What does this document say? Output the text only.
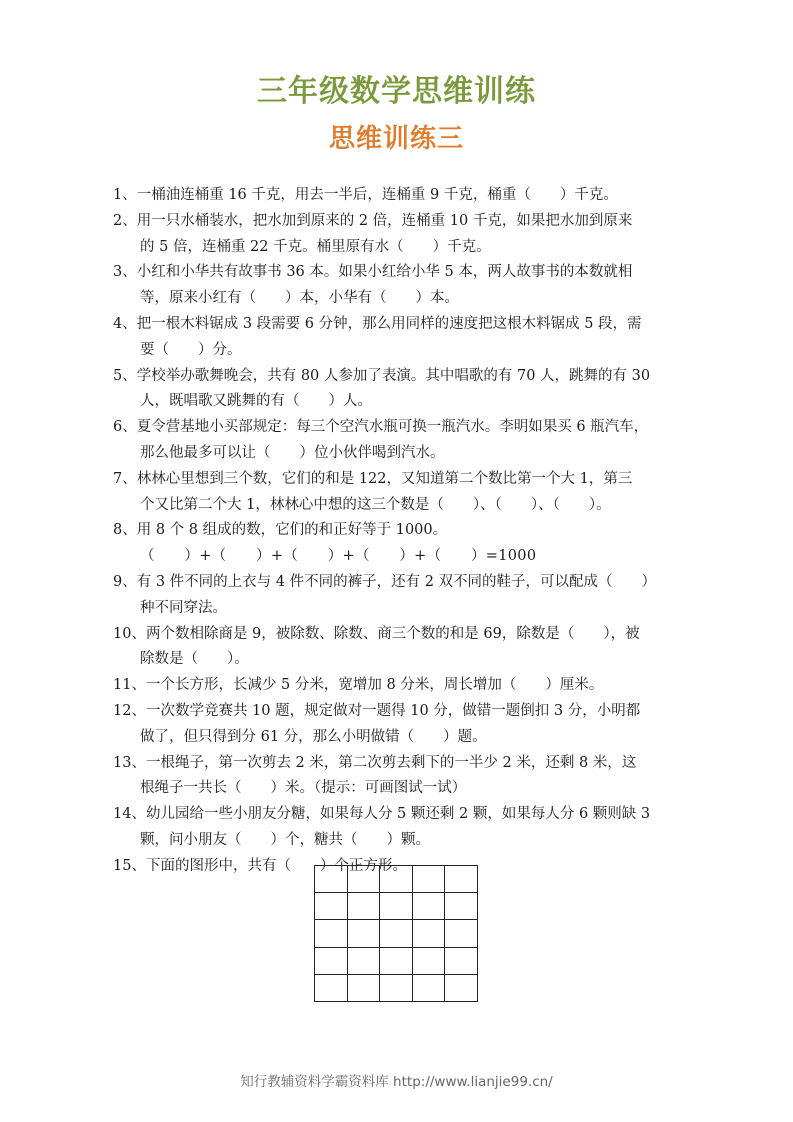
三年级数学思维训练
思维训练三
1、一桶油连桶重 16 千克，用去一半后，连桶重 9 千克，桶重（　　）千克。
2、用一只水桶装水，把水加到原来的 2 倍，连桶重 10 千克，如果把水加到原来
的 5 倍，连桶重 22 千克。桶里原有水（　　）千克。
3、小红和小华共有故事书 36 本。如果小红给小华 5 本，两人故事书的本数就相
等，原来小红有（　　）本，小华有（　　）本。
4、把一根木料锯成 3 段需要 6 分钟，那么用同样的速度把这根木料锯成 5 段，需
要（　　）分。
5、学校举办歌舞晚会，共有 80 人参加了表演。其中唱歌的有 70 人，跳舞的有 30
人，既唱歌又跳舞的有（　　）人。
6、夏令营基地小买部规定：每三个空汽水瓶可换一瓶汽水。李明如果买 6 瓶汽车，
那么他最多可以让（　　）位小伙伴喝到汽水。
7、林林心里想到三个数，它们的和是 122，又知道第二个数比第一个大 1，第三
个又比第二个大 1，林林心中想的这三个数是（　　）、（　　）、（　　）。
8、用 8 个 8 组成的数，它们的和正好等于 1000。
（　　）+（　　）+（　　）+（　　）+（　　）=1000
9、有 3 件不同的上衣与 4 件不同的裤子，还有 2 双不同的鞋子，可以配成（　　）
种不同穿法。
10、两个数相除商是 9，被除数、除数、商三个数的和是 69，除数是（　　），被
除数是（　　）。
11、一个长方形，长减少 5 分米，宽增加 8 分米，周长增加（　　）厘米。
12、一次数学竞赛共 10 题，规定做对一题得 10 分，做错一题倒扣 3 分，小明都
做了，但只得到分 61 分，那么小明做错（　　）题。
13、一根绳子，第一次剪去 2 米，第二次剪去剩下的一半少 2 米，还剩 8 米，这
根绳子一共长（　　）米。（提示：可画图试一试）
14、幼儿园给一些小朋友分糖，如果每人分 5 颗还剩 2 颗，如果每人分 6 颗则缺 3
颗，问小朋友（　　）个，糖共（　　）颗。
15、下面的图形中，共有（　　）个正方形。
知行教辅资料学霸资料库 http://www.lianjie99.cn/
